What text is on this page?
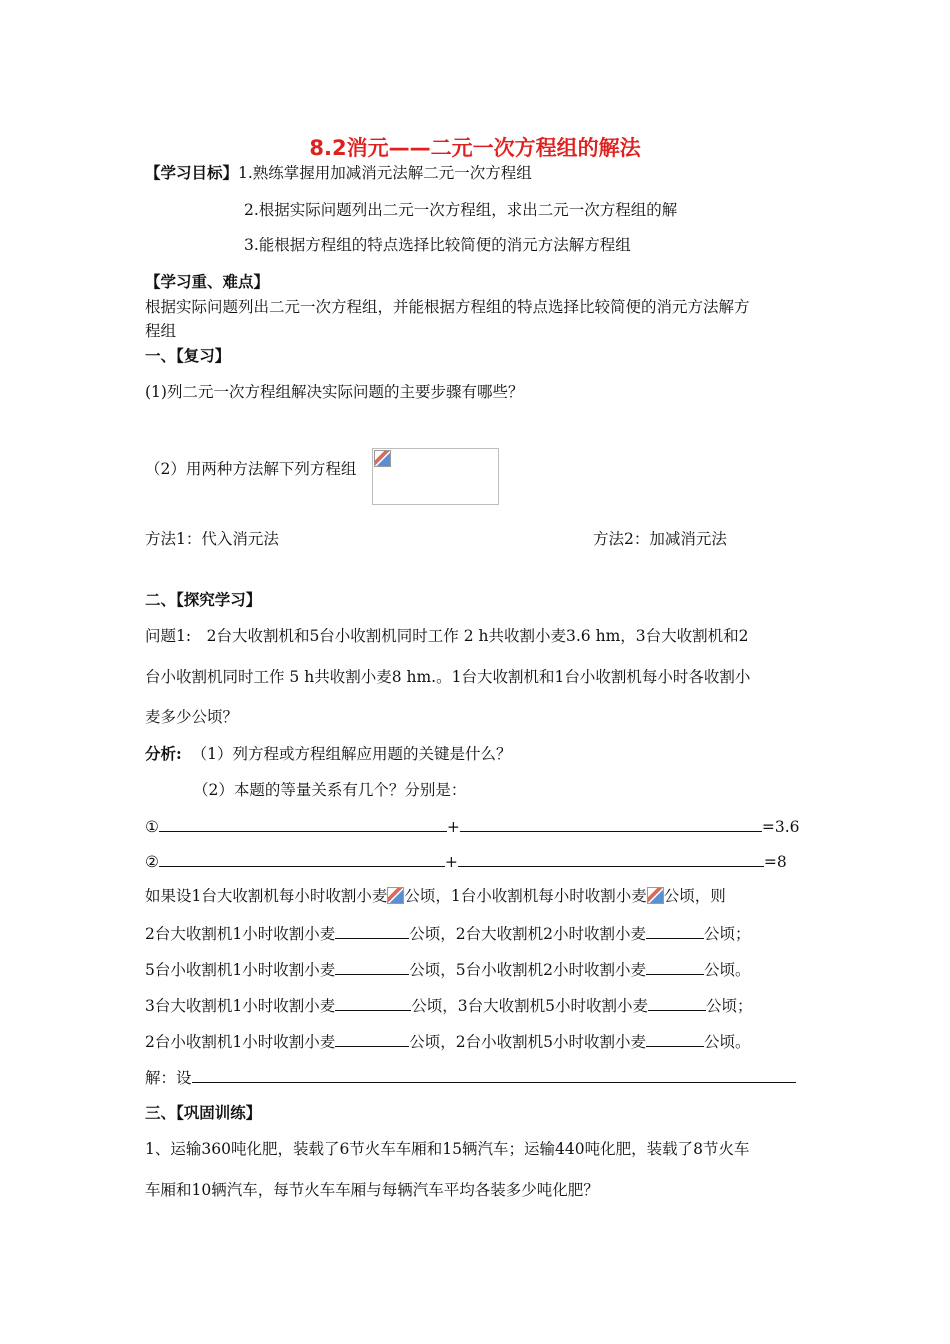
8.2消元——二元一次方程组的解法
【学习目标】1.熟练掌握用加减消元法解二元一次方程组
2.根据实际问题列出二元一次方程组，求出二元一次方程组的解
3.能根据方程组的特点选择比较简便的消元方法解方程组
【学习重、难点】
根据实际问题列出二元一次方程组，并能根据方程组的特点选择比较简便的消元方法解方
程组
一、【复习】
(1)列二元一次方程组解决实际问题的主要步骤有哪些？
（2）用两种方法解下列方程组
方法1：代入消元法	方法2：加减消元法
二、【探究学习】
问题1:　2台大收割机和5台小收割机同时工作 2 h共收割小麦3.6 hm，3台大收割机和2
台小收割机同时工作 5 h共收割小麦8 hm.。1台大收割机和1台小收割机每小时各收割小
麦多少公顷？
分析: （1）列方程或方程组解应用题的关键是什么？
（2）本题的等量关系有几个？分别是：
①	+	=3.6
②	+	=8
如果设1台大收割机每小时收割小麦 公顷，1台小收割机每小时收割小麦 公顷，则
2台大收割机1小时收割小麦	公顷，2台大收割机2小时收割小麦	公顷；
5台小收割机1小时收割小麦	公顷，5台小收割机2小时收割小麦	公顷。
3台大收割机1小时收割小麦	公顷，3台大收割机5小时收割小麦	公顷；
2台小收割机1小时收割小麦	公顷，2台小收割机5小时收割小麦	公顷。
解：设
三、【巩固训练】
1、运输360吨化肥，装载了6节火车车厢和15辆汽车；运输440吨化肥，装载了8节火车
车厢和10辆汽车，每节火车车厢与每辆汽车平均各装多少吨化肥？
